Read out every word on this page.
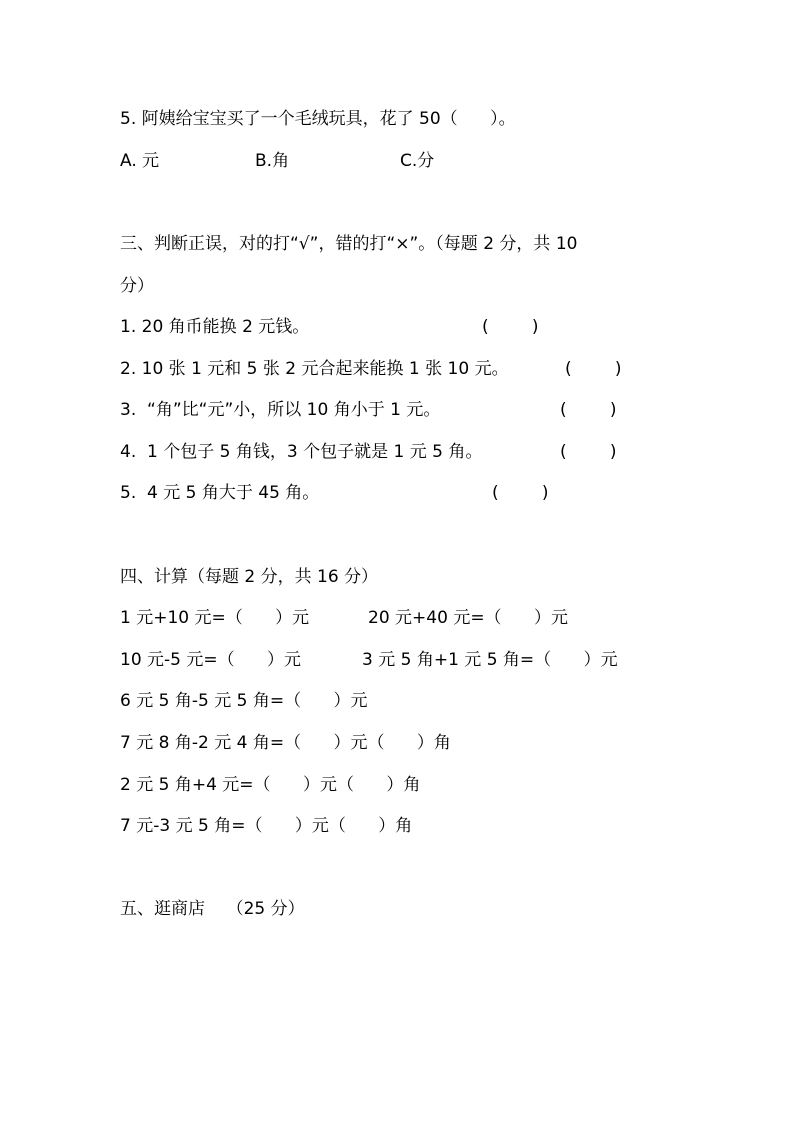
5. 阿姨给宝宝买了一个毛绒玩具，花了 50（      ）。

A. 元	B.角	C.分

三、判断正误，对的打“√”，错的打“×”。（每题 2 分，共 10

分）

1. 20 角币能换 2 元钱。	(        )
2. 10 张 1 元和 5 张 2 元合起来能换 1 张 10 元。	(        )
3.  “角”比“元”小，所以 10 角小于 1 元。	(        )
4.  1 个包子 5 角钱，3 个包子就是 1 元 5 角。	(        )
5.  4 元 5 角大于 45 角。	(        )

四、计算（每题 2 分，共 16 分）

1 元+10 元=（      ）元	20 元+40 元=（      ）元
10 元-5 元=（      ）元	3 元 5 角+1 元 5 角=（      ）元

6 元 5 角-5 元 5 角=（      ）元

7 元 8 角-2 元 4 角=（      ）元（      ）角

2 元 5 角+4 元=（      ）元（      ）角

7 元-3 元 5 角=（      ）元（      ）角

五、逛商店    （25 分）
